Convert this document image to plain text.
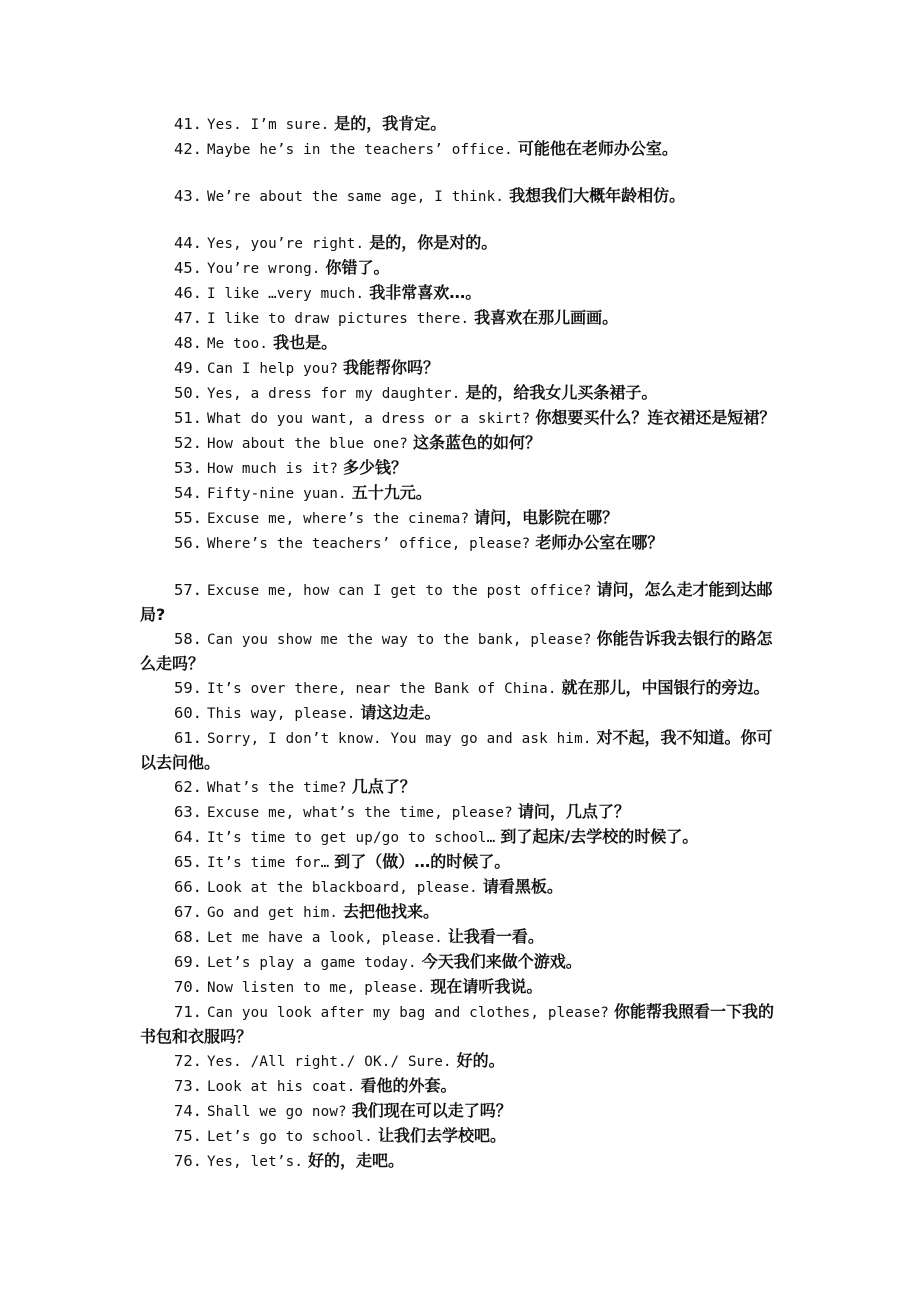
41. Yes. I’m sure. 是的，我肯定。
42. Maybe he’s in the teachers’ office. 可能他在老师办公室。
43. We’re about the same age, I think. 我想我们大概年龄相仿。
44. Yes, you’re right. 是的，你是对的。
45. You’re wrong. 你错了。
46. I like …very much. 我非常喜欢…。
47. I like to draw pictures there. 我喜欢在那儿画画。
48. Me too. 我也是。
49. Can I help you? 我能帮你吗？
50. Yes, a dress for my daughter. 是的，给我女儿买条裙子。
51. What do you want, a dress or a skirt? 你想要买什么？连衣裙还是短裙？
52. How about the blue one? 这条蓝色的如何？
53. How much is it? 多少钱？
54. Fifty-nine yuan. 五十九元。
55. Excuse me, where’s the cinema? 请问，电影院在哪？
56. Where’s the teachers’ office, please? 老师办公室在哪？
57. Excuse me, how can I get to the post office? 请问，怎么走才能到达邮局?
58. Can you show me the way to the bank, please? 你能告诉我去银行的路怎么走吗？
59. It’s over there, near the Bank of China. 就在那儿，中国银行的旁边。
60. This way, please. 请这边走。
61. Sorry, I don’t know. You may go and ask him. 对不起，我不知道。你可以去问他。
62. What’s the time? 几点了？
63. Excuse me, what’s the time, please? 请问，几点了？
64. It’s time to get up/go to school… 到了起床/去学校的时候了。
65. It’s time for… 到了（做）…的时候了。
66. Look at the blackboard, please. 请看黑板。
67. Go and get him. 去把他找来。
68. Let me have a look, please. 让我看一看。
69. Let’s play a game today. 今天我们来做个游戏。
70. Now listen to me, please. 现在请听我说。
71. Can you look after my bag and clothes, please? 你能帮我照看一下我的书包和衣服吗？
72. Yes. /All right./ OK./ Sure. 好的。
73. Look at his coat. 看他的外套。
74. Shall we go now? 我们现在可以走了吗？
75. Let’s go to school. 让我们去学校吧。
76. Yes, let’s. 好的，走吧。
